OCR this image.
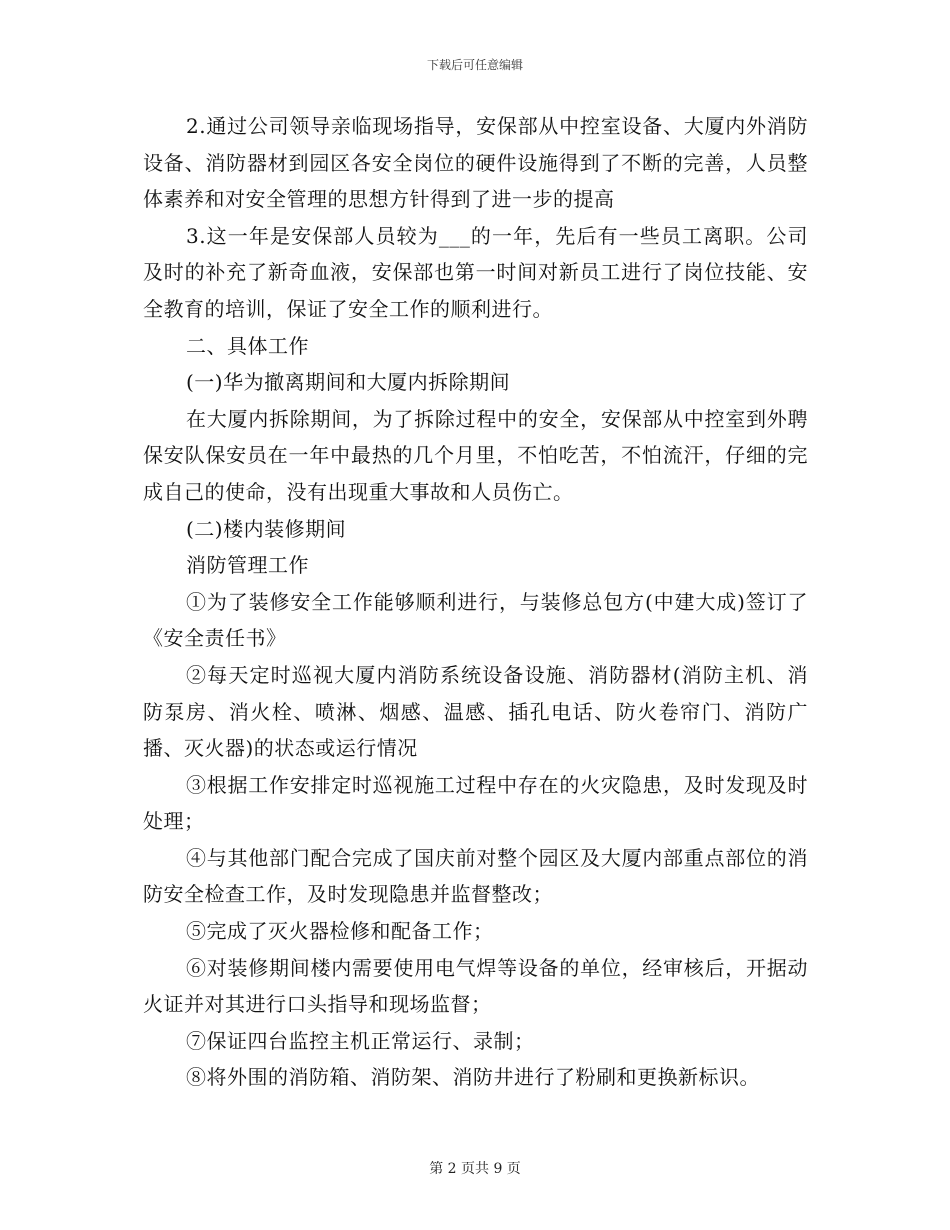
下载后可任意编辑

2.通过公司领导亲临现场指导，安保部从中控室设备、大厦内外消防设备、消防器材到园区各安全岗位的硬件设施得到了不断的完善，人员整体素养和对安全管理的思想方针得到了进一步的提高

3.这一年是安保部人员较为___的一年，先后有一些员工离职。公司及时的补充了新奇血液，安保部也第一时间对新员工进行了岗位技能、安全教育的培训，保证了安全工作的顺利进行。

二、具体工作

(一)华为撤离期间和大厦内拆除期间

在大厦内拆除期间，为了拆除过程中的安全，安保部从中控室到外聘保安队保安员在一年中最热的几个月里，不怕吃苦，不怕流汗，仔细的完成自己的使命，没有出现重大事故和人员伤亡。

(二)楼内装修期间

消防管理工作

①为了装修安全工作能够顺利进行，与装修总包方(中建大成)签订了《安全责任书》

②每天定时巡视大厦内消防系统设备设施、消防器材(消防主机、消防泵房、消火栓、喷淋、烟感、温感、插孔电话、防火卷帘门、消防广播、灭火器)的状态或运行情况

③根据工作安排定时巡视施工过程中存在的火灾隐患，及时发现及时处理；

④与其他部门配合完成了国庆前对整个园区及大厦内部重点部位的消防安全检查工作，及时发现隐患并监督整改；

⑤完成了灭火器检修和配备工作；

⑥对装修期间楼内需要使用电气焊等设备的单位，经审核后，开据动火证并对其进行口头指导和现场监督；

⑦保证四台监控主机正常运行、录制；

⑧将外围的消防箱、消防架、消防井进行了粉刷和更换新标识。

第 2 页共 9 页
